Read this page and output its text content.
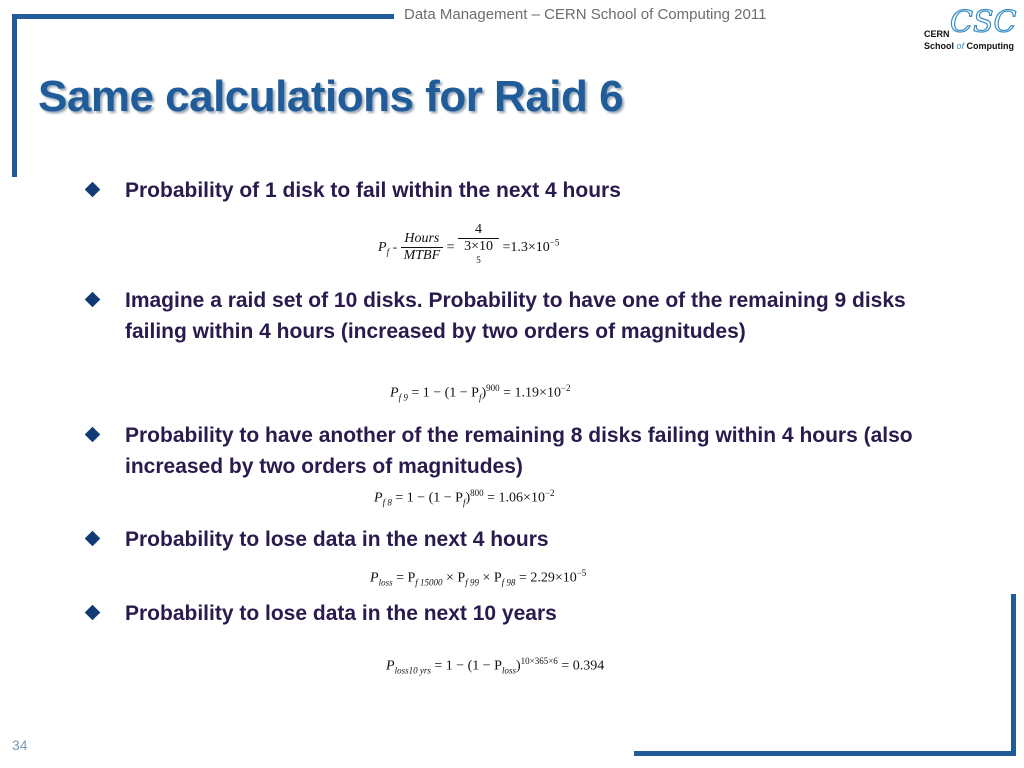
Data Management – CERN School of Computing 2011	CSC
CERN
School of Computing
Same calculations for Raid 6
Probability of 1 disk to fail within the next 4 hours
$P_f = \frac{\text{Hours}}{\text{MTBF}} = 4$
3×10
$^5 =1.3\times 10^{-5}$
Imagine a raid set of 10 disks. Probability to have one of the remaining 9 disks failing within 4 hours (increased by two orders of magnitudes)
$P_{f 9} = 1 - (1 - P_f)^{900} = 1.19\times 10^{-2}$
Probability to have another of the remaining 8 disks failing within 4 hours (also increased by two orders of magnitudes)
$P_{f 8} = 1 - (1 - P_f)^{800} = 1.06\times 10^{-2}$
Probability to lose data in the next 4 hours
$P_{loss} = P_{f 15000} \times P_{f 99} \times P_{f 98} = 2.29\times 10^{-5}$
Probability to lose data in the next 10 years
$P_{loss10 yrs} = 1 - (1 - P_{loss})^{10\times 365\times 6} = 0.394$
34
